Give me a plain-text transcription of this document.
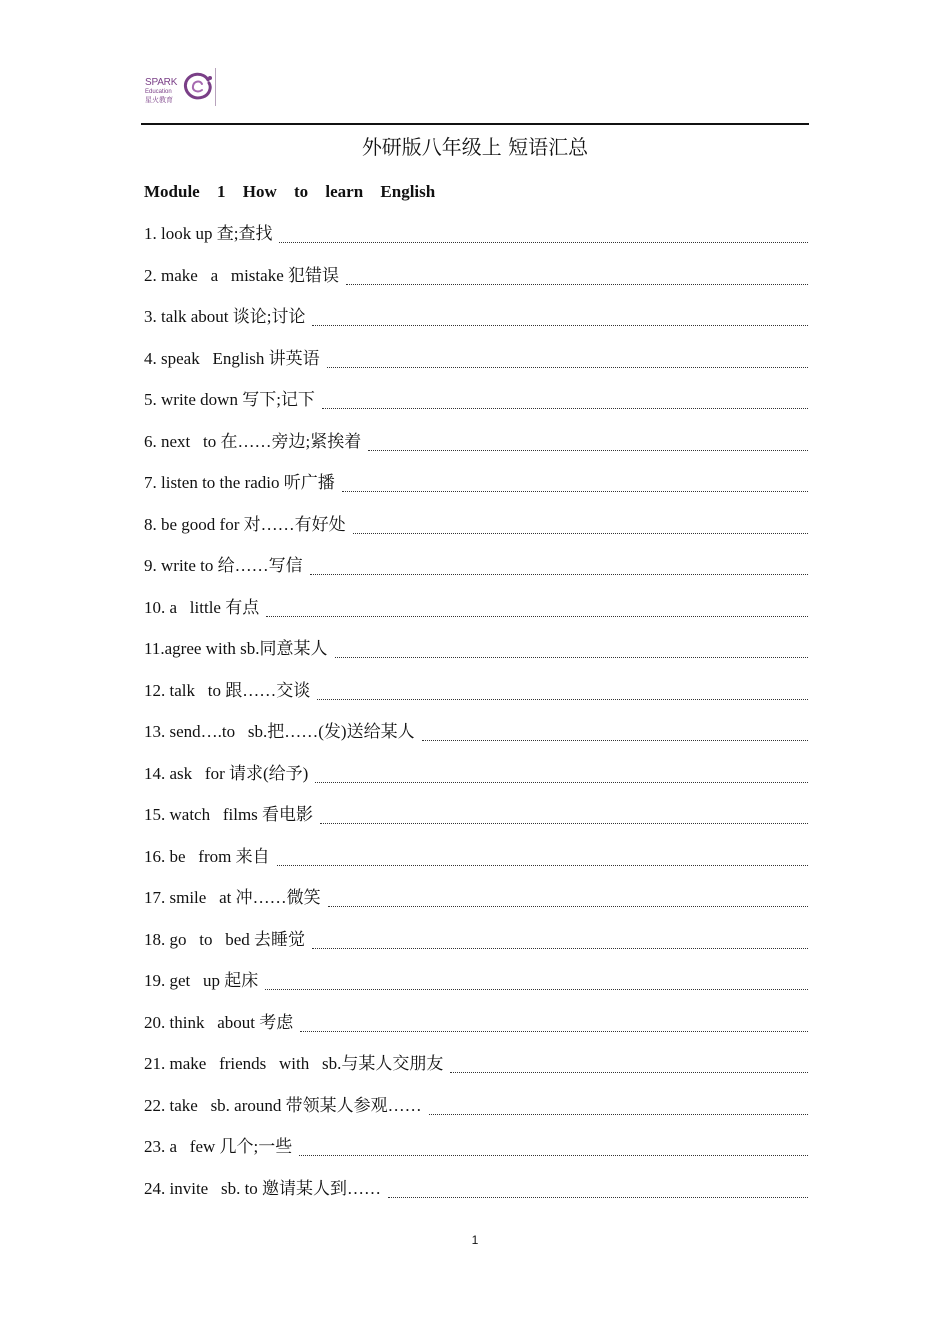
SPARK
Education
星火教育
外研版八年级上 短语汇总
Module 1 How to learn English
1. look up 查;查找
2. make   a   mistake 犯错误
3. talk about 谈论;讨论
4. speak   English 讲英语
5. write down 写下;记下
6. next   to 在……旁边;紧挨着
7. listen to the radio 听广播
8. be good for 对……有好处
9. write to 给……写信
10. a   little 有点
11.agree with sb.同意某人
12. talk   to 跟……交谈
13. send….to   sb.把……(发)送给某人
14. ask   for 请求(给予)
15. watch   films 看电影
16. be   from 来自
17. smile   at 冲……微笑
18. go   to   bed 去睡觉
19. get   up 起床
20. think   about 考虑
21. make   friends   with   sb.与某人交朋友
22. take   sb. around 带领某人参观……
23. a   few 几个;一些
24. invite   sb. to 邀请某人到……
1
